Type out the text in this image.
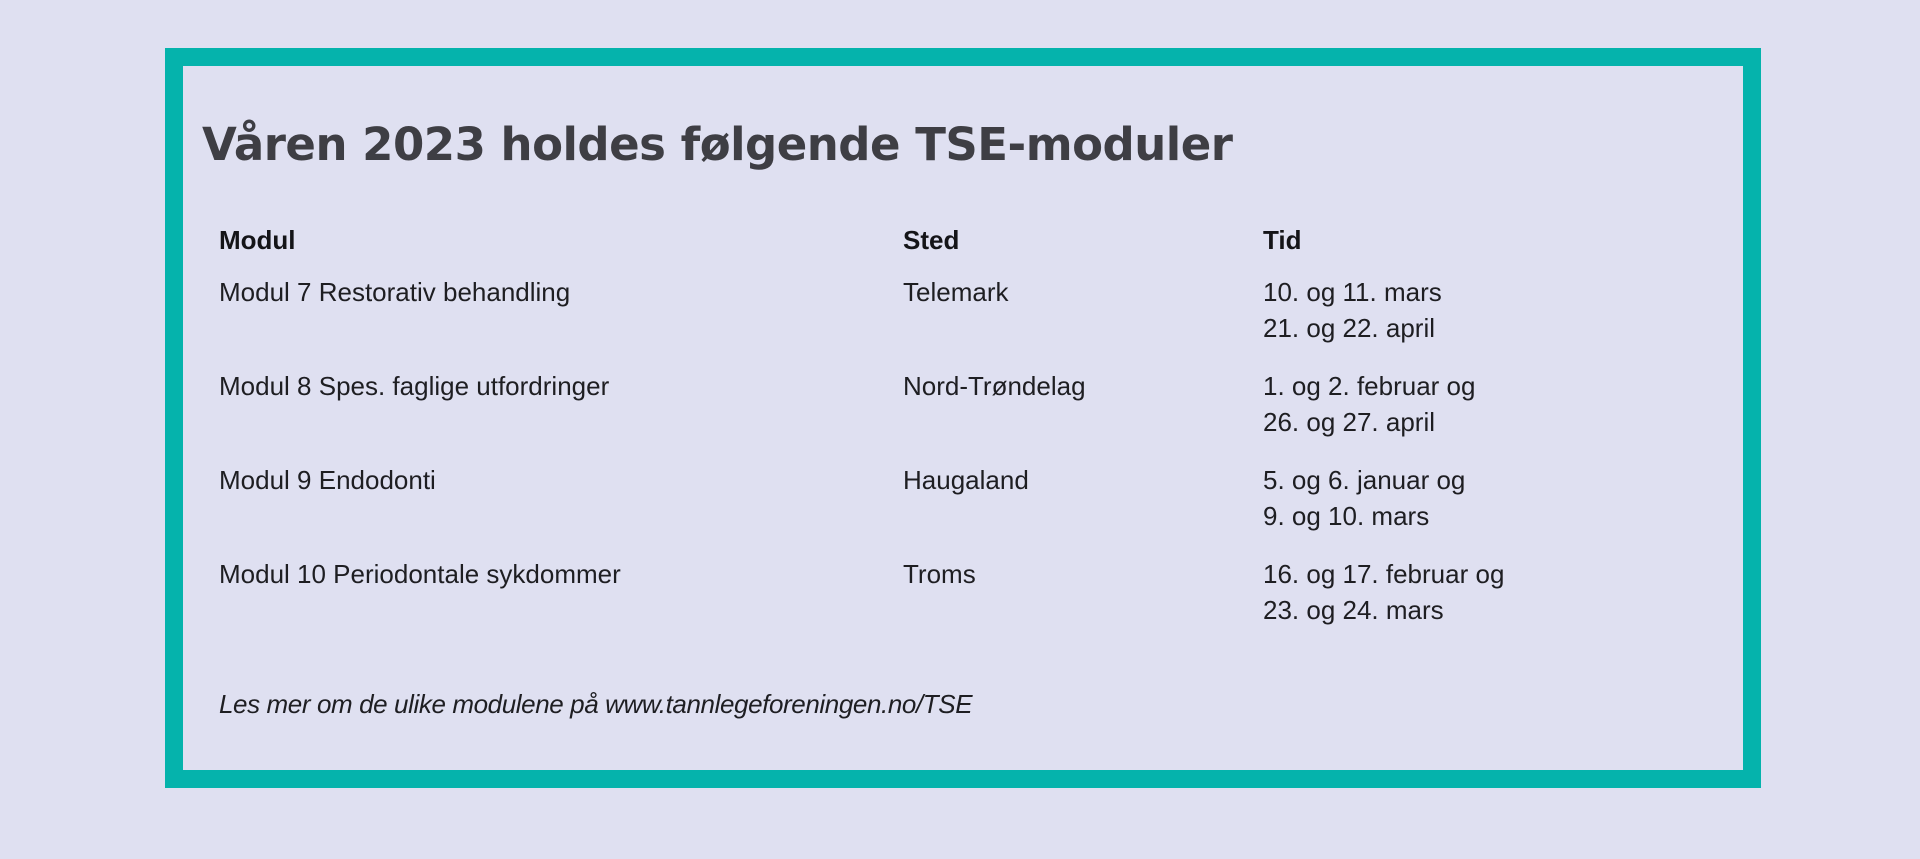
Våren 2023 holdes følgende TSE-moduler
Modul	Sted	Tid
Modul 7 Restorativ behandling	Telemark	10. og 11. mars
21. og 22. april
Modul 8 Spes. faglige utfordringer	Nord-Trøndelag	1. og 2. februar og
26. og 27. april
Modul 9 Endodonti	Haugaland	5. og 6. januar og
9. og 10. mars
Modul 10 Periodontale sykdommer	Troms	16. og 17. februar og
23. og 24. mars
Les mer om de ulike modulene på www.tannlegeforeningen.no/TSE
